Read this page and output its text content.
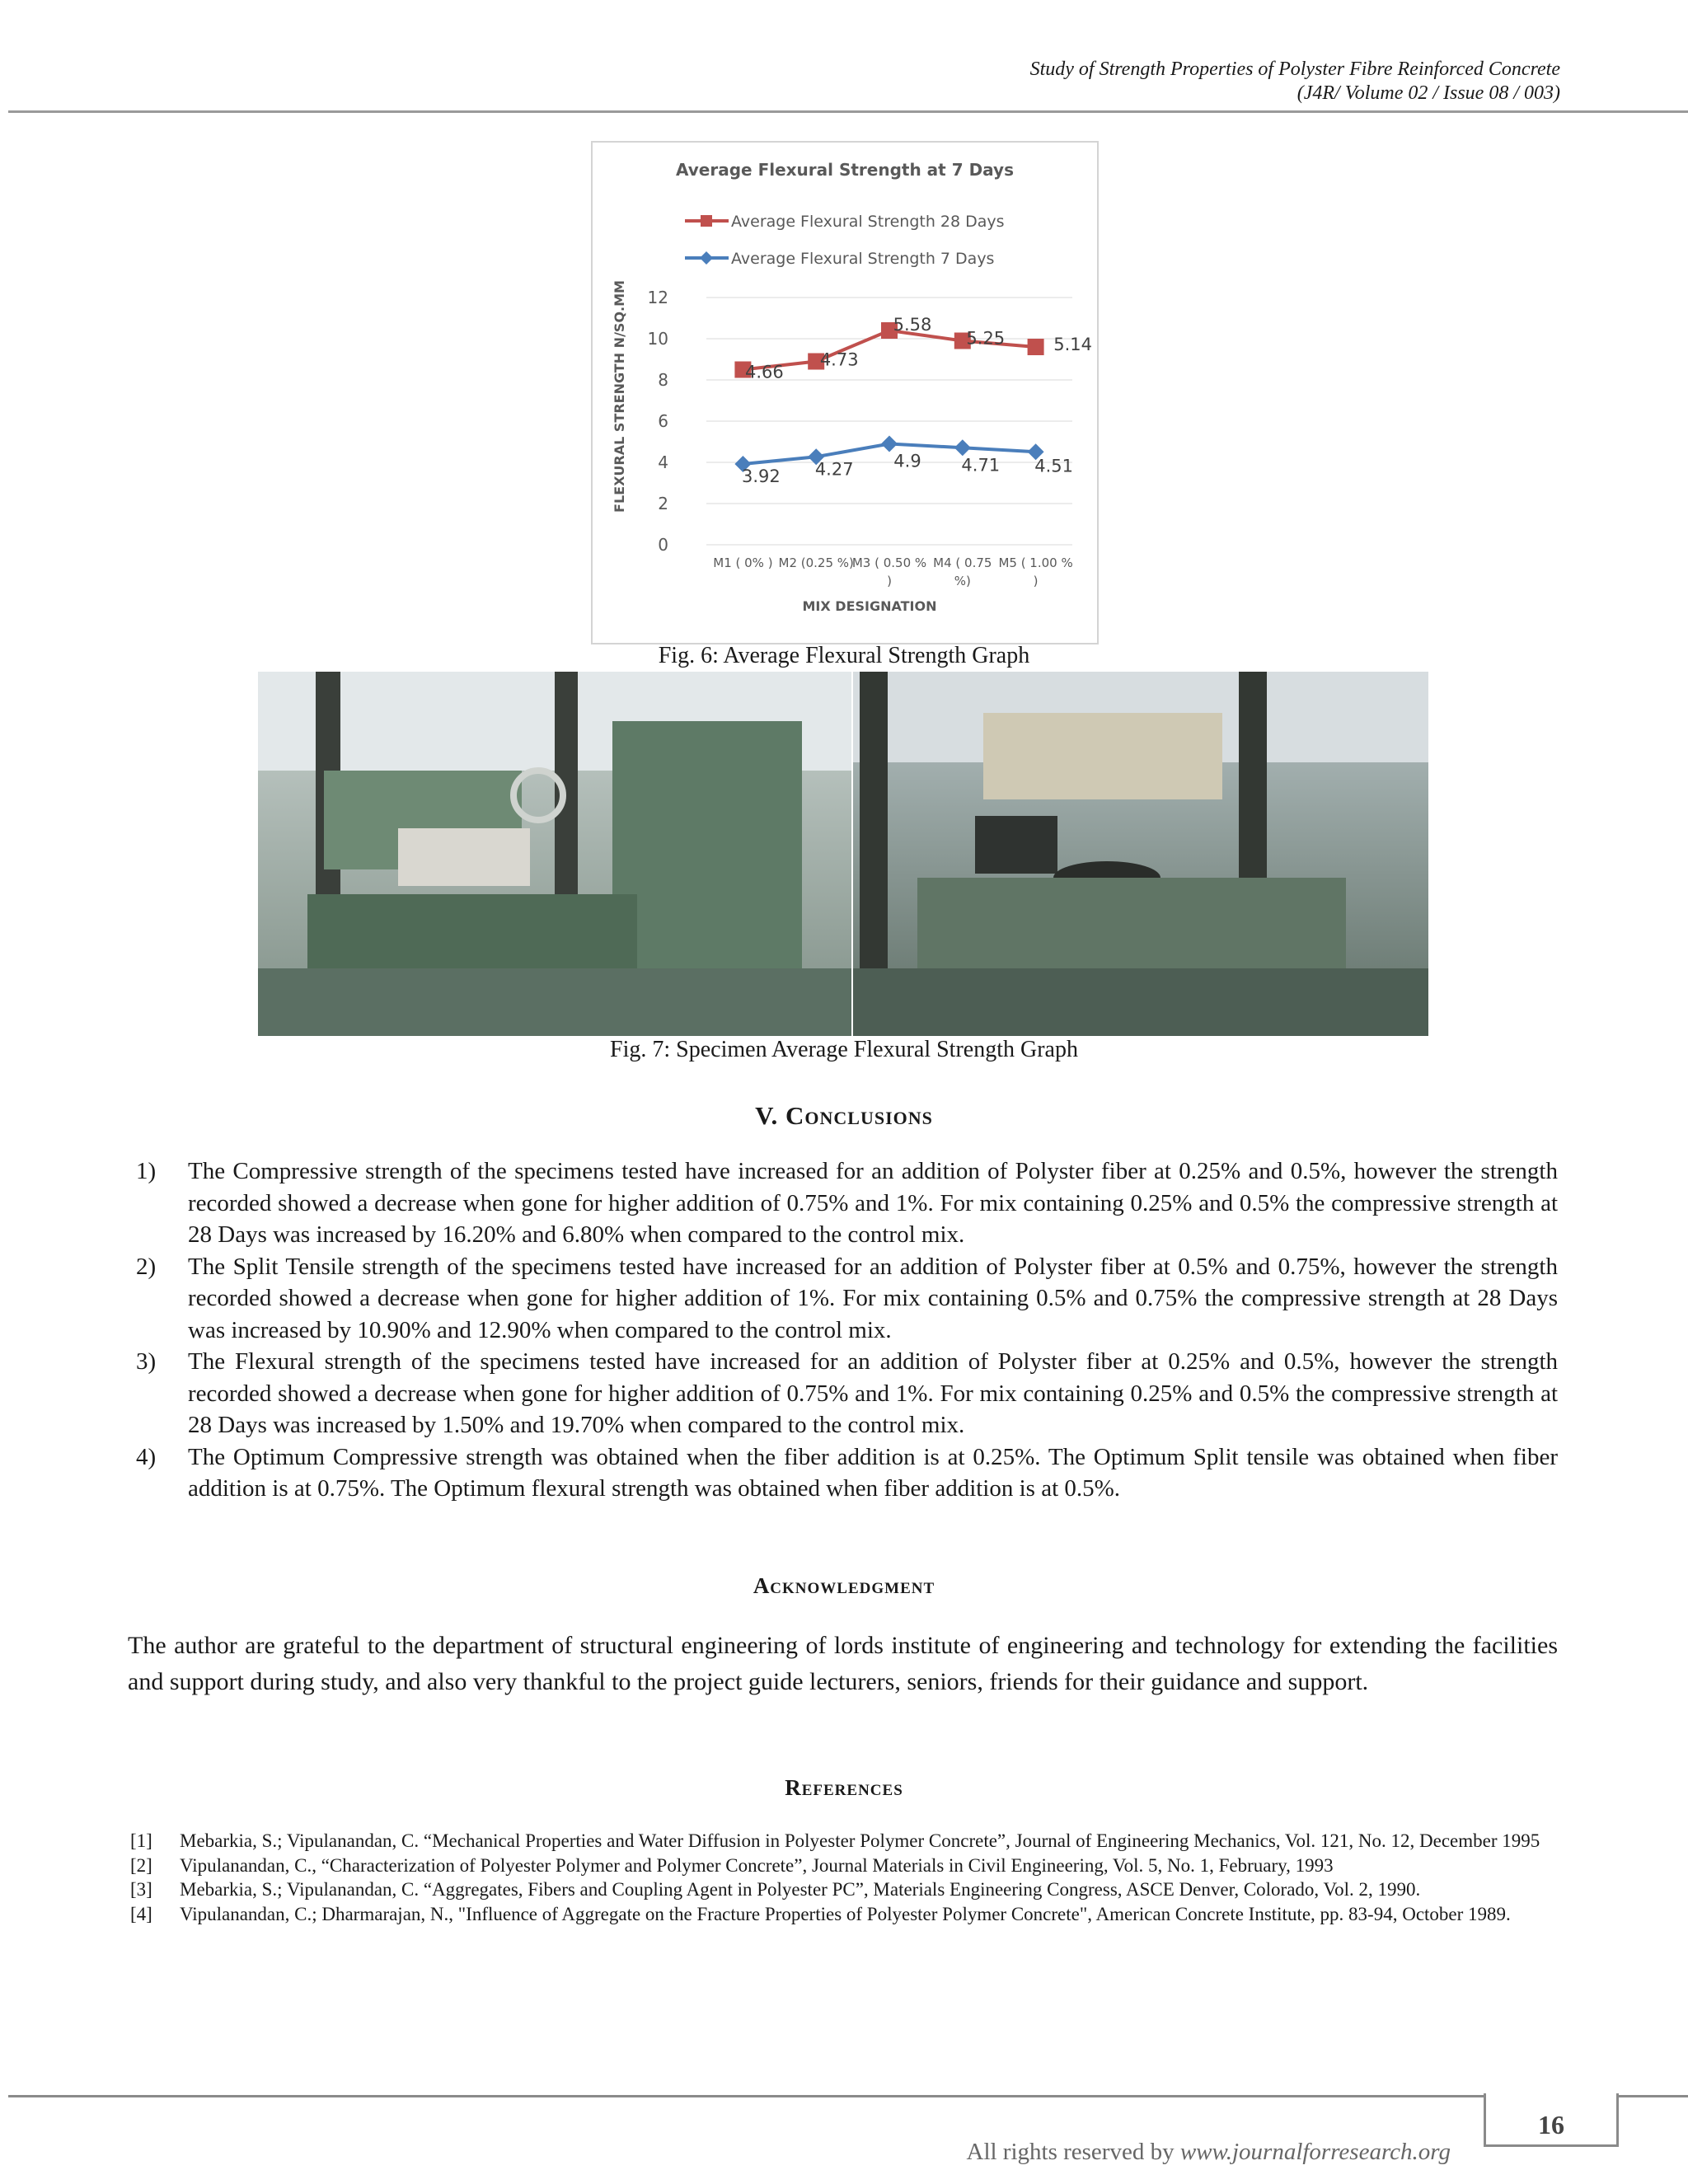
Study of Strength Properties of Polyster Fibre Reinforced Concrete
(J4R/ Volume 02 / Issue 08 / 003)
Average Flexural Strength at 7 Days
Average Flexural Strength 28 Days
Average Flexural Strength 7 Days
0
2
4
6
8
10
12
FLEXURAL STRENGTH N/SQ.MM
M1 ( 0% ) M2 (0.25 %)
M3 ( 0.50 %
)
M4 ( 0.75
%)
M5 ( 1.00 %
)
MIX DESIGNATION
4.66
4.73
5.58
5.25	5.14
3.92 4.27 4.9 4.71 4.51
Fig. 6: Average Flexural Strength Graph
Fig. 7: Specimen Average Flexural Strength Graph
V. Conclusions
1) The Compressive strength of the specimens tested have increased for an addition of Polyster fiber at 0.25% and 0.5%, however the strength recorded showed a decrease when gone for higher addition of 0.75% and 1%. For mix containing 0.25% and 0.5% the compressive strength at 28 Days was increased by 16.20% and 6.80% when compared to the control mix.
2) The Split Tensile strength of the specimens tested have increased for an addition of Polyster fiber at 0.5% and 0.75%, however the strength recorded showed a decrease when gone for higher addition of 1%. For mix containing 0.5% and 0.75% the compressive strength at 28 Days was increased by 10.90% and 12.90% when compared to the control mix.
3) The Flexural strength of the specimens tested have increased for an addition of Polyster fiber at 0.25% and 0.5%, however the strength recorded showed a decrease when gone for higher addition of 0.75% and 1%. For mix containing 0.25% and 0.5% the compressive strength at 28 Days was increased by 1.50% and 19.70% when compared to the control mix.
4) The Optimum Compressive strength was obtained when the fiber addition is at 0.25%. The Optimum Split tensile was obtained when fiber addition is at 0.75%. The Optimum flexural strength was obtained when fiber addition is at 0.5%.
Acknowledgment
The author are grateful to the department of structural engineering of lords institute of engineering and technology for extending the facilities and support during study, and also very thankful to the project guide lecturers, seniors, friends for their guidance and support.
References
[1] Mebarkia, S.; Vipulanandan, C. “Mechanical Properties and Water Diffusion in Polyester Polymer Concrete”, Journal of Engineering Mechanics, Vol. 121, No. 12, December 1995
[2] Vipulanandan, C., “Characterization of Polyester Polymer and Polymer Concrete”, Journal Materials in Civil Engineering, Vol. 5, No. 1, February, 1993
[3] Mebarkia, S.; Vipulanandan, C. “Aggregates, Fibers and Coupling Agent in Polyester PC”, Materials Engineering Congress, ASCE Denver, Colorado, Vol. 2, 1990.
[4] Vipulanandan, C.; Dharmarajan, N., "Influence of Aggregate on the Fracture Properties of Polyester Polymer Concrete", American Concrete Institute, pp. 83-94, October 1989.
All rights reserved by www.journalforresearch.org
16
